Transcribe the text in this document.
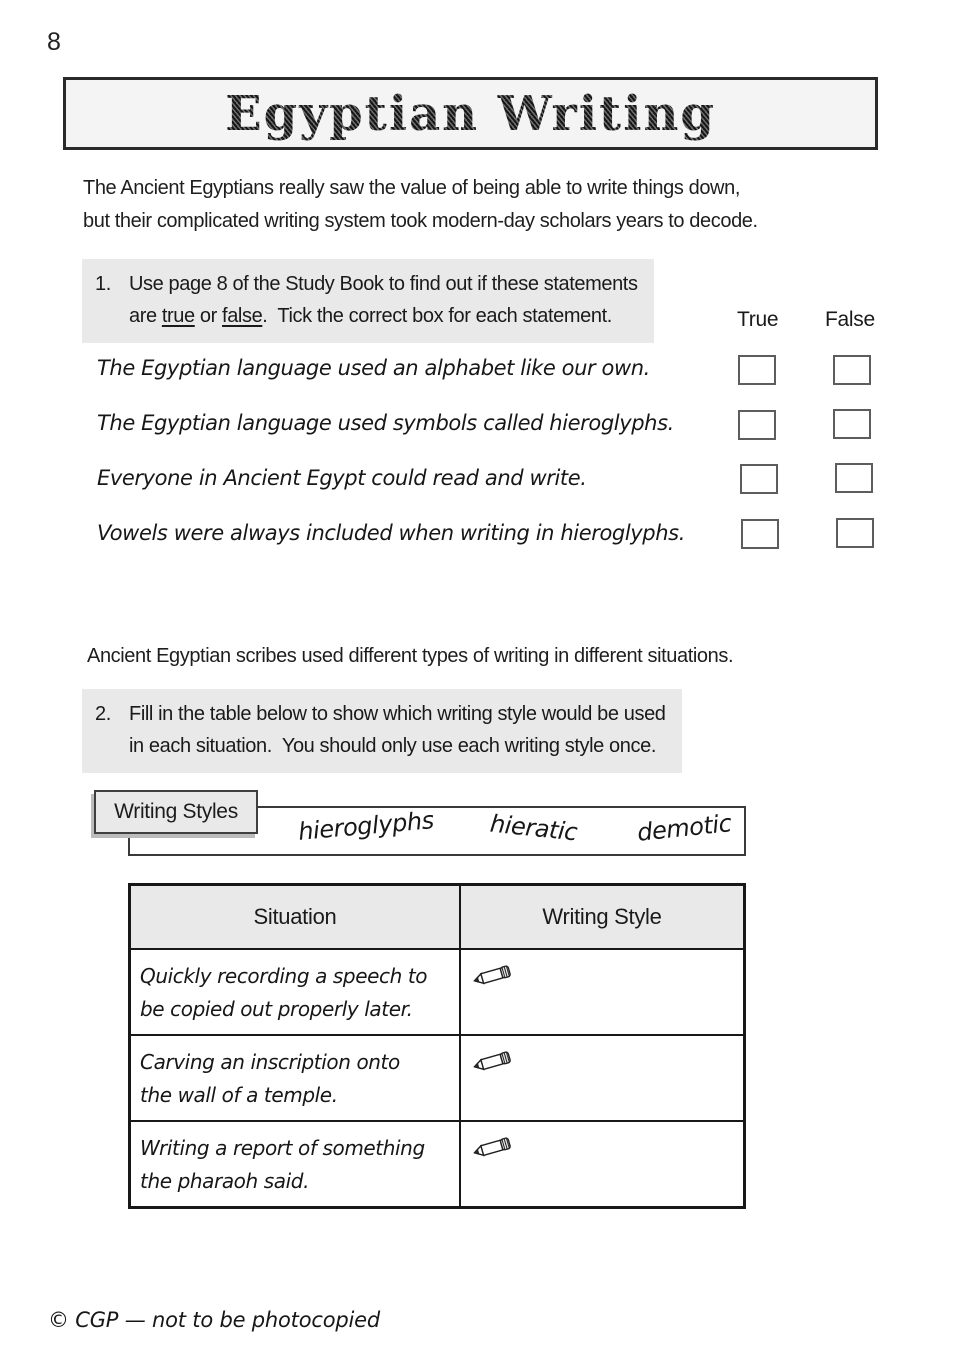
8
Egyptian Writing
The Ancient Egyptians really saw the value of being able to write things down,
but their complicated writing system took modern-day scholars years to decode.
1. Use page 8 of the Study Book to find out if these statements
are true or false.  Tick the correct box for each statement.	True False
The Egyptian language used an alphabet like our own.
The Egyptian language used symbols called hieroglyphs.
Everyone in Ancient Egypt could read and write.
Vowels were always included when writing in hieroglyphs.
Ancient Egyptian scribes used different types of writing in different situations.
2. Fill in the table below to show which writing style would be used
in each situation.  You should only use each writing style once.
Writing Styles hieroglyphs hieratic demotic
Situation	Writing Style
Quickly recording a speech to
be copied out properly later.
Carving an inscription onto
the wall of a temple.
Writing a report of something
the pharaoh said.
© CGP — not to be photocopied
